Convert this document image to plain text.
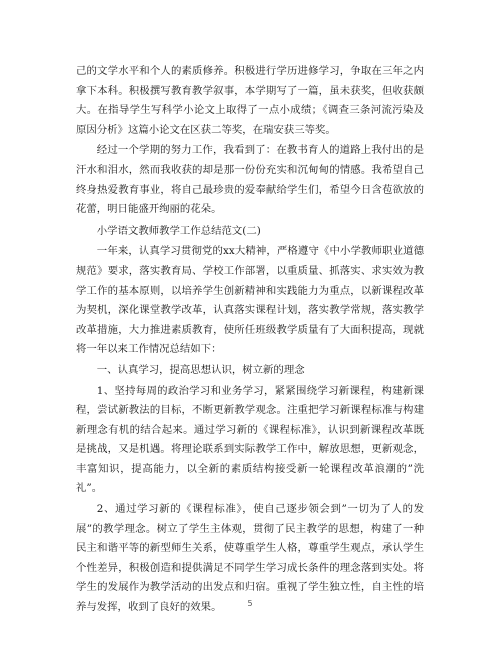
己的文学水平和个人的素质修养。积极进行学历进修学习，争取在三年之内拿下本科。积极撰写教育教学叙事，本学期写了一篇，虽未获奖，但收获颇大。在指导学生写科学小论文上取得了一点小成绩；《调查三条河流污染及原因分析》这篇小论文在区获二等奖，在瑞安获三等奖。

经过一个学期的努力工作，我看到了：在教书育人的道路上我付出的是汗水和泪水，然而我收获的却是那一份份充实和沉甸甸的情感。我希望自己终身热爱教育事业，将自己最珍贵的爱奉献给学生们，希望今日含苞欲放的花蕾，明日能盛开绚丽的花朵。

小学语文教师教学工作总结范文(二)

一年来，认真学习贯彻党的xx大精神，严格遵守《中小学教师职业道德规范》要求，落实教育局、学校工作部署，以重质量、抓落实、求实效为教学工作的基本原则，以培养学生创新精神和实践能力为重点，以新课程改革为契机，深化课堂教学改革，认真落实课程计划，落实教学常规，落实教学改革措施，大力推进素质教育，使所任班级教学质量有了大面积提高，现就将一年以来工作情况总结如下：

一、认真学习，提高思想认识，树立新的理念

1、坚持每周的政治学习和业务学习，紧紧围绕学习新课程，构建新课程，尝试新教法的目标，不断更新教学观念。注重把学习新课程标准与构建新理念有机的结合起来。通过学习新的《课程标准》，认识到新课程改革既是挑战，又是机遇。将理论联系到实际教学工作中，解放思想，更新观念，丰富知识，提高能力，以全新的素质结构接受新一轮课程改革浪潮的”洗礼”。

2、通过学习新的《课程标准》，使自己逐步领会到”一切为了人的发展”的教学理念。树立了学生主体观，贯彻了民主教学的思想，构建了一种民主和谐平等的新型师生关系，使尊重学生人格，尊重学生观点，承认学生个性差异，积极创造和提供满足不同学生学习成长条件的理念落到实处。将学生的发展作为教学活动的出发点和归宿。重视了学生独立性，自主性的培养与发挥，收到了良好的效果。	5
